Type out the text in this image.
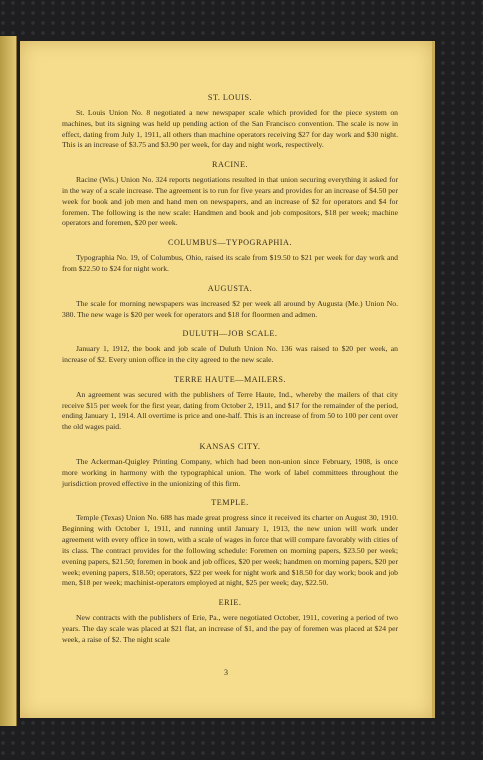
ST. LOUIS.

St. Louis Union No. 8 negotiated a new newspaper scale which provided for the piece system on machines, but its signing was held up pending action of the San Francisco convention. The scale is now in effect, dating from July 1, 1911, all others than machine operators receiving $27 for day work and $30 night. This is an increase of $3.75 and $3.90 per week, for day and night work, respectively.

RACINE.

Racine (Wis.) Union No. 324 reports negotiations resulted in that union securing everything it asked for in the way of a scale increase. The agreement is to run for five years and provides for an increase of $4.50 per week for book and job men and hand men on newspapers, and an increase of $2 for operators and $4 for foremen. The following is the new scale: Handmen and book and job compositors, $18 per week; machine operators and foremen, $20 per week.

COLUMBUS—TYPOGRAPHIA.

Typographia No. 19, of Columbus, Ohio, raised its scale from $19.50 to $21 per week for day work and from $22.50 to $24 for night work.

AUGUSTA.

The scale for morning newspapers was increased $2 per week all around by Augusta (Me.) Union No. 380. The new wage is $20 per week for operators and $18 for floormen and admen.

DULUTH—JOB SCALE.

January 1, 1912, the book and job scale of Duluth Union No. 136 was raised to $20 per week, an increase of $2. Every union office in the city agreed to the new scale.

TERRE HAUTE—MAILERS.

An agreement was secured with the publishers of Terre Haute, Ind., whereby the mailers of that city receive $15 per week for the first year, dating from October 2, 1911, and $17 for the remainder of the period, ending January 1, 1914. All overtime is price and one-half. This is an increase of from 50 to 100 per cent over the old wages paid.

KANSAS CITY.

The Ackerman-Quigley Printing Company, which had been non-union since February, 1908, is once more working in harmony with the typographical union. The work of label committees throughout the jurisdiction proved effective in the unionizing of this firm.

TEMPLE.

Temple (Texas) Union No. 688 has made great progress since it received its charter on August 30, 1910. Beginning with October 1, 1911, and running until January 1, 1913, the new union will work under agreement with every office in town, with a scale of wages in force that will compare favorably with cities of its class. The contract provides for the following schedule: Foremen on morning papers, $23.50 per week; evening papers, $21.50; foremen in book and job offices, $20 per week; handmen on morning papers, $20 per week; evening papers, $18.50; operators, $22 per week for night work and $18.50 for day work; book and job men, $18 per week; machinist-operators employed at night, $25 per week; day, $22.50.

ERIE.

New contracts with the publishers of Erie, Pa., were negotiated October, 1911, covering a period of two years. The day scale was placed at $21 flat, an increase of $1, and the pay of foremen was placed at $24 per week, a raise of $2. The night scale

3
